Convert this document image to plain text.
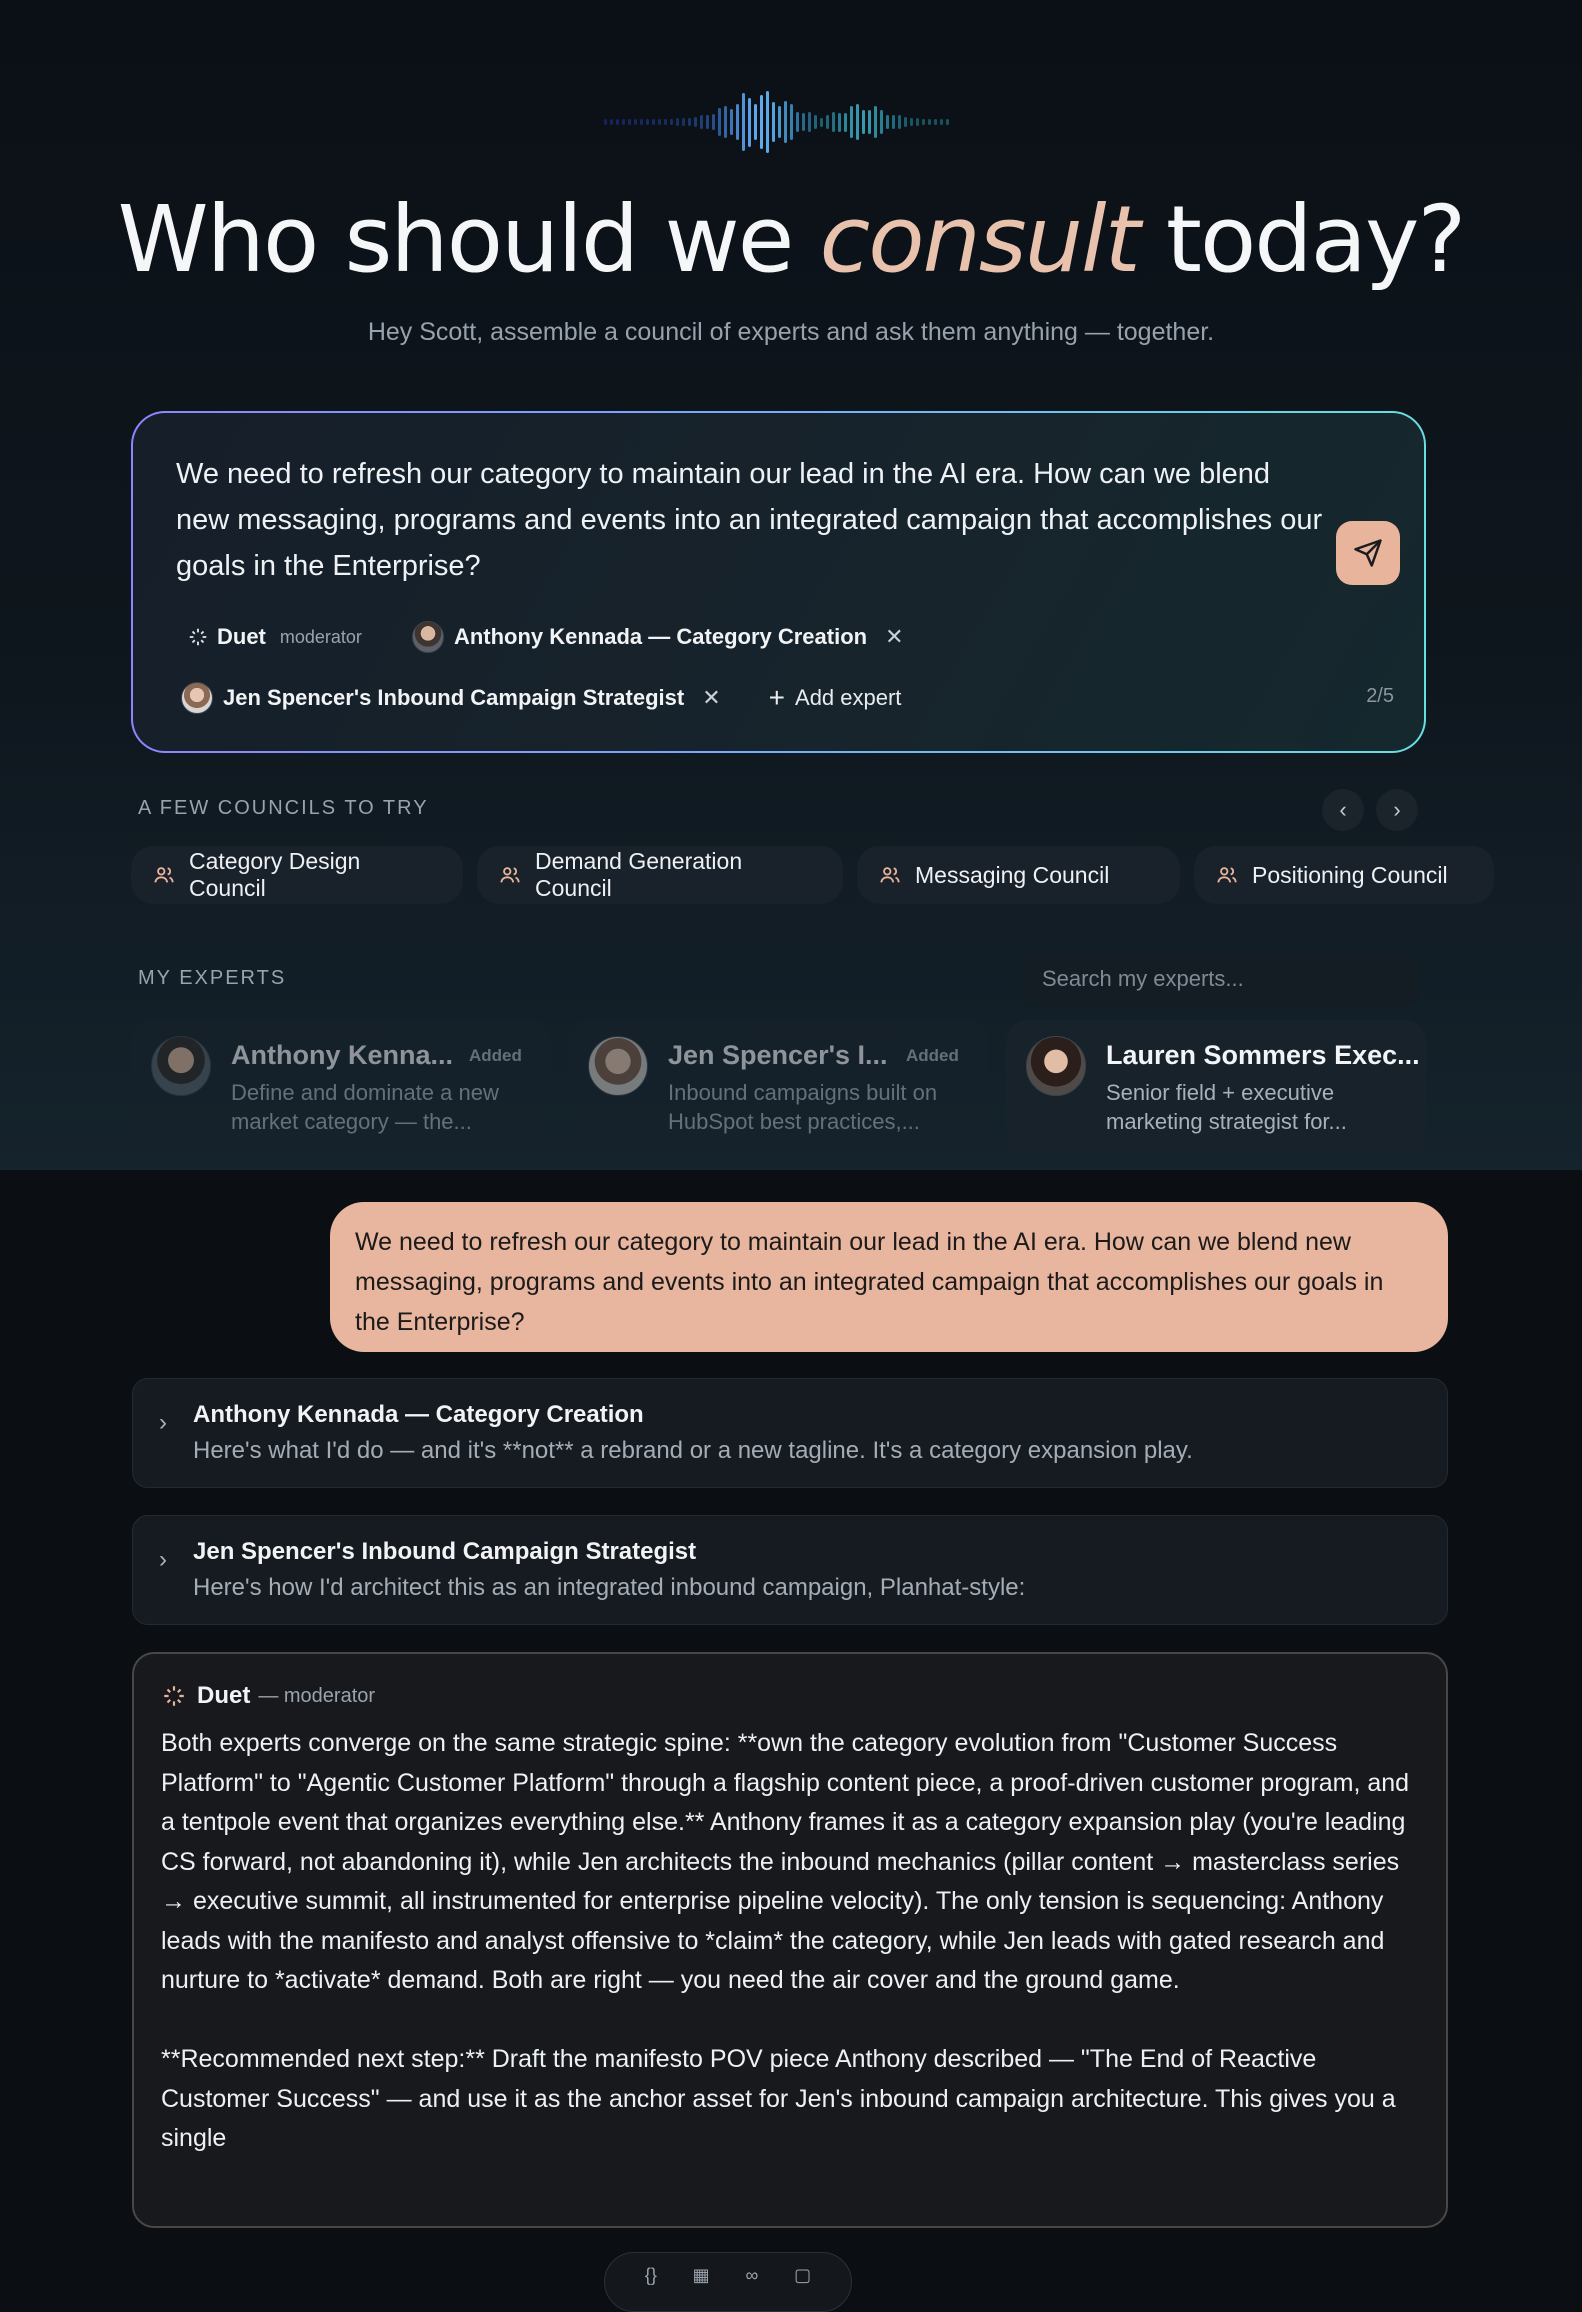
Who should we consult today?
Hey Scott, assemble a council of experts and ask them anything — together.
We need to refresh our category to maintain our lead in the AI era. How can we blend new messaging, programs and events into an integrated campaign that accomplishes our goals in the Enterprise?
Duet moderator	Anthony Kennada — Category Creation ✕
Jen Spencer's Inbound Campaign Strategist ✕ + Add expert	2/5
A FEW COUNCILS TO TRY	‹ ›
Category Design Council
Demand Generation Council
Messaging Council	Positioning Council
MY EXPERTS	Search my experts...
Anthony Kenna... Added
Define and dominate a new market category — the...
Jen Spencer's I... Added
Inbound campaigns built on HubSpot best practices,...
Lauren Sommers Exec...
Senior field + executive marketing strategist for...
We need to refresh our category to maintain our lead in the AI era. How can we blend new messaging, programs and events into an integrated campaign that accomplishes our goals in the Enterprise?
› Anthony Kennada — Category Creation
Here's what I'd do — and it's **not** a rebrand or a new tagline. It's a category expansion play.
› Jen Spencer's Inbound Campaign Strategist
Here's how I'd architect this as an integrated inbound campaign, Planhat-style:
Duet — moderator
Both experts converge on the same strategic spine: **own the category evolution from "Customer Success Platform" to "Agentic Customer Platform" through a flagship content piece, a proof-driven customer program, and a tentpole event that organizes everything else.** Anthony frames it as a category expansion play (you're leading CS forward, not abandoning it), while Jen architects the inbound mechanics (pillar content → masterclass series → executive summit, all instrumented for enterprise pipeline velocity). The only tension is sequencing: Anthony leads with the manifesto and analyst offensive to *claim* the category, while Jen leads with gated research and nurture to *activate* demand. Both are right — you need the air cover and the ground game.

**Recommended next step:** Draft the manifesto POV piece Anthony described — "The End of Reactive Customer Success" — and use it as the anchor asset for Jen's inbound campaign architecture. This gives you a single
{} ▦ ∞ ▢
